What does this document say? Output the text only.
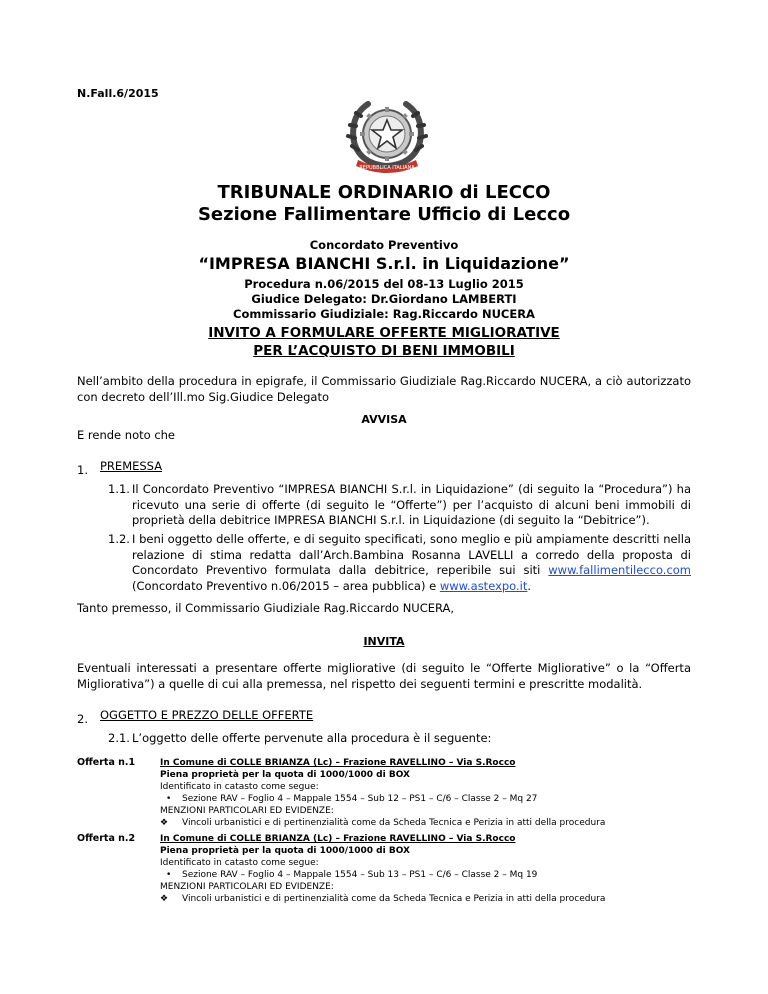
N.Fall.6/2015
REPUBBLICA ITALIANA
TRIBUNALE ORDINARIO di LECCO
Sezione Fallimentare Ufficio di Lecco
Concordato Preventivo
“IMPRESA BIANCHI S.r.l. in Liquidazione”
Procedura n.06/2015 del 08-13 Luglio 2015
Giudice Delegato: Dr.Giordano LAMBERTI
Commissario Giudiziale: Rag.Riccardo NUCERA
INVITO A FORMULARE OFFERTE MIGLIORATIVE
PER L’ACQUISTO DI BENI IMMOBILI
Nell’ambito della procedura in epigrafe, il Commissario Giudiziale Rag.Riccardo NUCERA, a ciò autorizzato con decreto dell’Ill.mo Sig.Giudice Delegato
AVVISA
E rende noto che
1. PREMESSA
1.1. Il Concordato Preventivo “IMPRESA BIANCHI S.r.l. in Liquidazione” (di seguito la “Procedura”) ha ricevuto una serie di offerte (di seguito le “Offerte”) per l’acquisto di alcuni beni immobili di proprietà della debitrice IMPRESA BIANCHI S.r.l. in Liquidazione (di seguito la “Debitrice”).
1.2. I beni oggetto delle offerte, e di seguito specificati, sono meglio e più ampiamente descritti nella relazione di stima redatta dall’Arch.Bambina Rosanna LAVELLI a corredo della proposta di Concordato Preventivo formulata dalla debitrice, reperibile sui siti www.fallimentilecco.com (Concordato Preventivo n.06/2015 – area pubblica) e www.astexpo.it.
Tanto premesso, il Commissario Giudiziale Rag.Riccardo NUCERA,
INVITA
Eventuali interessati a presentare offerte migliorative (di seguito le “Offerte Migliorative” o la “Offerta Migliorativa”) a quelle di cui alla premessa, nel rispetto dei seguenti termini e prescritte modalità.
2. OGGETTO E PREZZO DELLE OFFERTE
2.1. L’oggetto delle offerte pervenute alla procedura è il seguente:
Offerta n.1	In Comune di COLLE BRIANZA (Lc) – Frazione RAVELLINO – Via S.Rocco
Piena proprietà per la quota di 1000/1000 di BOX
Identificato in catasto come segue:
• Sezione RAV – Foglio 4 – Mappale 1554 – Sub 12 – PS1 – C/6 – Classe 2 – Mq 27
MENZIONI PARTICOLARI ED EVIDENZE:
❖ Vincoli urbanistici e di pertinenzialità come da Scheda Tecnica e Perizia in atti della procedura
Offerta n.2	In Comune di COLLE BRIANZA (Lc) – Frazione RAVELLINO – Via S.Rocco
Piena proprietà per la quota di 1000/1000 di BOX
Identificato in catasto come segue:
• Sezione RAV – Foglio 4 – Mappale 1554 – Sub 13 – PS1 – C/6 – Classe 2 – Mq 19
MENZIONI PARTICOLARI ED EVIDENZE:
❖ Vincoli urbanistici e di pertinenzialità come da Scheda Tecnica e Perizia in atti della procedura
